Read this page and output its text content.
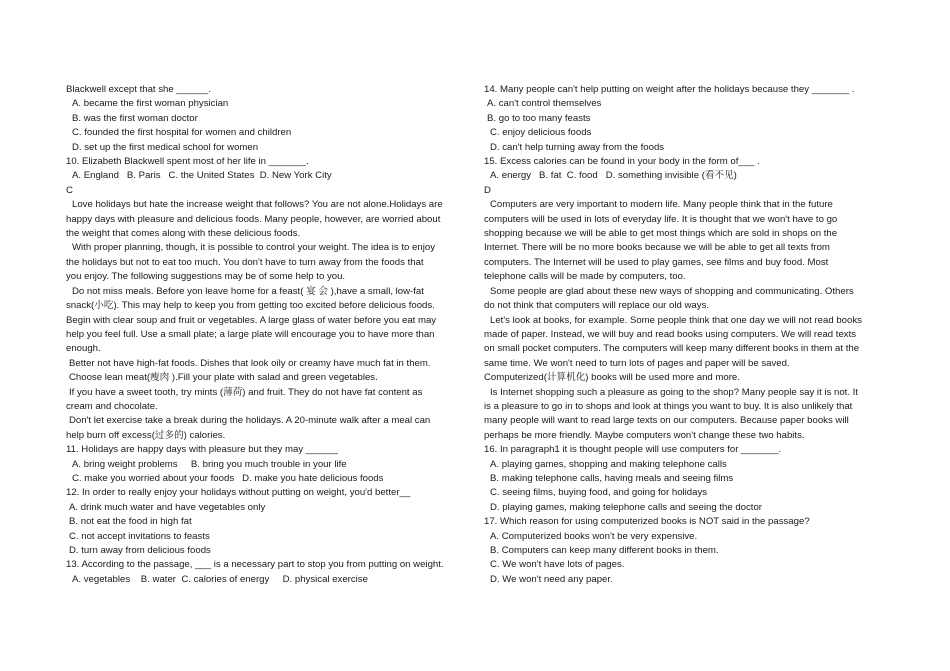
Blackwell except that she ______.
A. became the first woman physician
B. was the first woman doctor
C. founded the first hospital for women and children
D. set up the first medical school for women
10. Elizabeth Blackwell spent most of her life in _______.
A. England   B. Paris   C. the United States  D. New York City
C
Love holidays but hate the increase weight that follows? You are not alone.Holidays are
happy days with pleasure and delicious foods. Many people, however, are worried about
the weight that comes along with these delicious foods.
With proper planning, though, it is possible to control your weight. The idea is to enjoy
the holidays but not to eat too much. You don't have to turn away from the foods that
you enjoy. The following suggestions may be of some help to you.
Do not miss meals. Before yon leave home for a feast( 宴 会 ),have a small, low-fat
snack(小吃). This may help to keep you from getting too excited before delicious foods.
Begin with clear soup and fruit or vegetables. A large glass of water before you eat may
help you feel full. Use a small plate; a large plate will encourage you to have more than
enough.
Better not have high-fat foods. Dishes that look oily or creamy have much fat in them.
Choose lean meat(瘦肉 ).Fill your plate with salad and green vegetables.
If you have a sweet tooth, try mints (薄荷) and fruit. They do not have fat content as
cream and chocolate.
Don't let exercise take a break during the holidays. A 20-minute walk after a meal can
help burn off excess(过多的) calories.
11. Holidays are happy days with pleasure but they may ______
A. bring weight problems     B. bring you much trouble in your life
C. make you worried about your foods   D. make you hate delicious foods
12. In order to really enjoy your holidays without putting on weight, you'd better__
A. drink much water and have vegetables only
B. not eat the food in high fat
C. not accept invitations to feasts
D. turn away from delicious foods
13. According to the passage, ___ is a necessary part to stop you from putting on weight.
A. vegetables    B. water  C. calories of energy     D. physical exercise
14. Many people can't help putting on weight after the holidays because they _______ .
A. can't control themselves
B. go to too many feasts
C. enjoy delicious foods
D. can't help turning away from the foods
15. Excess calories can be found in your body in the form of___ .
A. energy   B. fat  C. food   D. something invisible (看不见)
D
Computers are very important to modern life. Many people think that in the future
computers will be used in lots of everyday life. It is thought that we won't have to go
shopping because we will be able to get most things which are sold in shops on the
Internet. There will be no more books because we will be able to get all texts from
computers. The Internet will be used to play games, see films and buy food. Most
telephone calls will be made by computers, too.
Some people are glad about these new ways of shopping and communicating. Others
do not think that computers will replace our old ways.
Let's look at books, for example. Some people think that one day we will not read books
made of paper. Instead, we will buy and read books using computers. We will read texts
on small pocket computers. The computers will keep many different books in them at the
same time. We won't need to turn lots of pages and paper will be saved.
Computerized(计算机化) books will be used more and more.
Is Internet shopping such a pleasure as going to the shop? Many people say it is not. It
is a pleasure to go in to shops and look at things you want to buy. It is also unlikely that
many people will want to read large texts on our computers. Because paper books will
perhaps be more friendly. Maybe computers won't change these two habits.
16. In paragraph1 it is thought people will use computers for _______.
A. playing games, shopping and making telephone calls
B. making telephone calls, having meals and seeing films
C. seeing films, buying food, and going for holidays
D. playing games, making telephone calls and seeing the doctor
17. Which reason for using computerized books is NOT said in the passage?
A. Computerized books won't be very expensive.
B. Computers can keep many different books in them.
C. We won't have lots of pages.
D. We won't need any paper.
